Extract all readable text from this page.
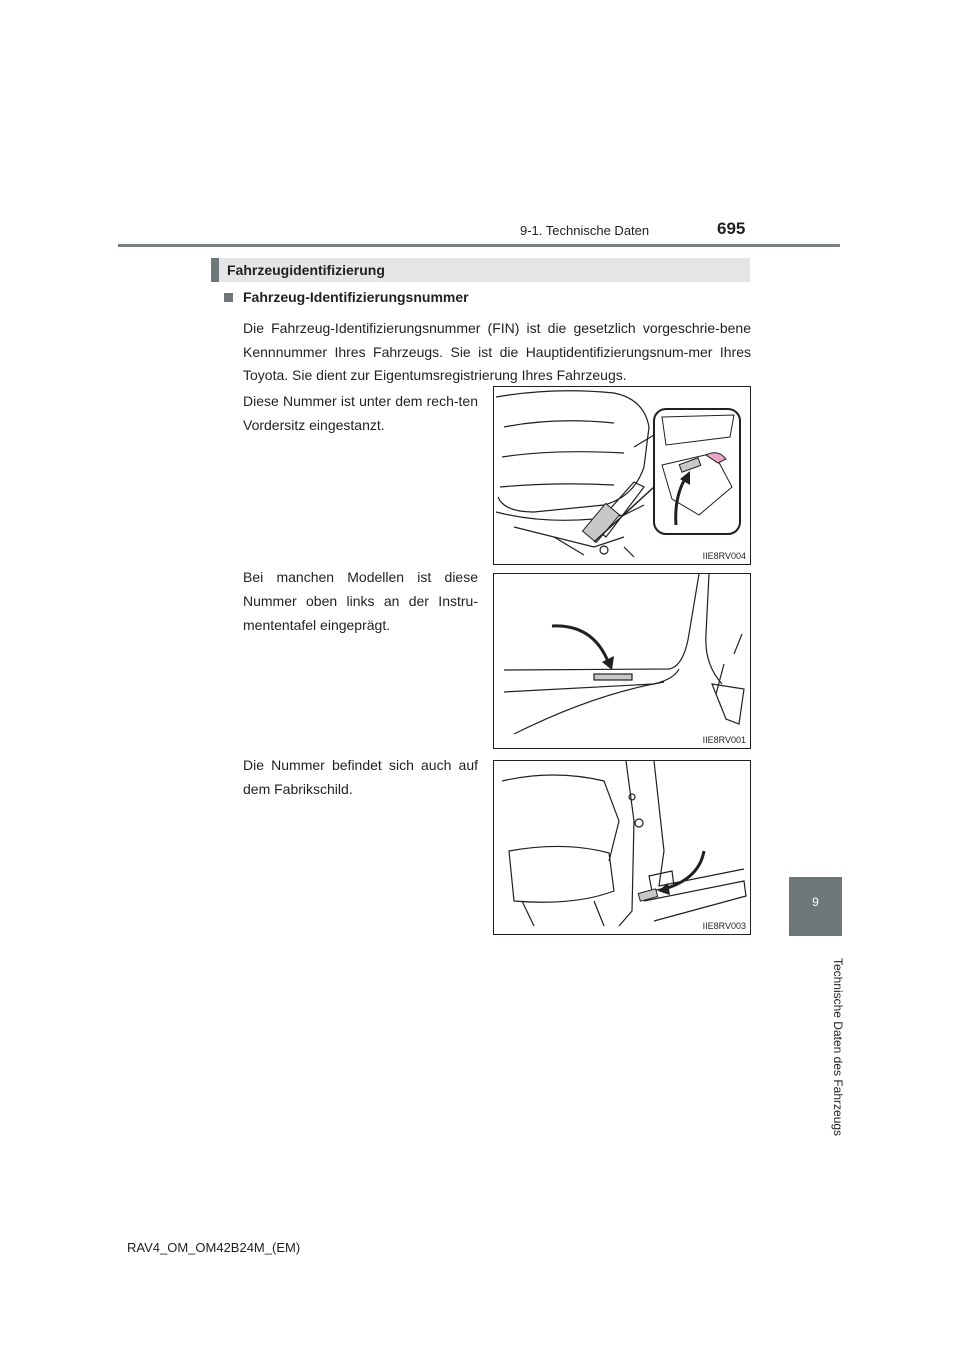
9-1. Technische Daten	695
Fahrzeugidentifizierung
Fahrzeug-Identifizierungsnummer
Die Fahrzeug-Identifizierungsnummer (FIN) ist die gesetzlich vorgeschrie-bene Kennnummer Ihres Fahrzeugs. Sie ist die Hauptidentifizierungsnum-mer Ihres Toyota. Sie dient zur Eigentumsregistrierung Ihres Fahrzeugs.
Diese Nummer ist unter dem rech-ten Vordersitz eingestanzt.
IIE8RV004
Bei manchen Modellen ist diese Nummer oben links an der Instru-mententafel eingeprägt.
IIE8RV001
Die Nummer befindet sich auch auf dem Fabrikschild.
IIE8RV003
9
Technische Daten des Fahrzeugs
RAV4_OM_OM42B24M_(EM)
